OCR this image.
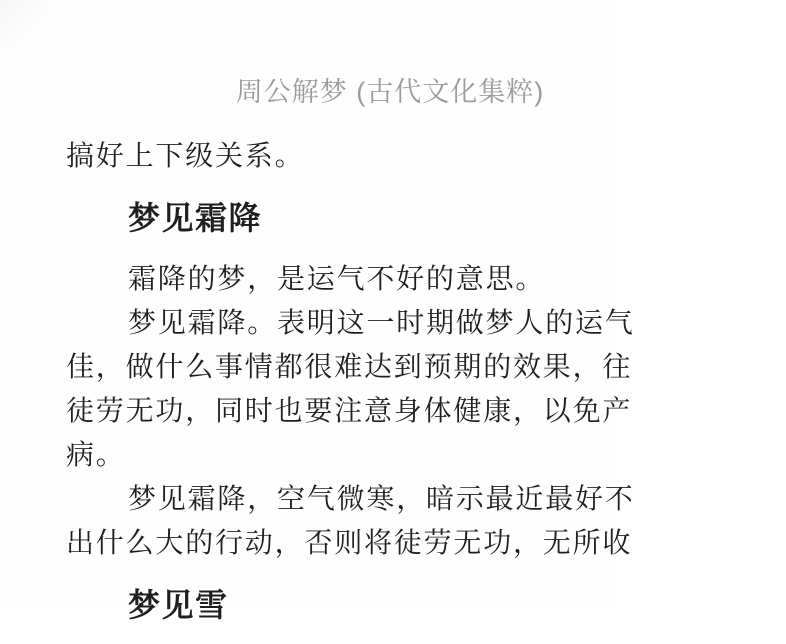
周公解梦 (古代文化集粹)
搞好上下级关系。
梦见霜降
霜降的梦，是运气不好的意思。
梦见霜降。表明这一时期做梦人的运气
佳，做什么事情都很难达到预期的效果，往
徒劳无功，同时也要注意身体健康，以免产
病。
梦见霜降，空气微寒，暗示最近最好不
出什么大的行动，否则将徒劳无功，无所收
梦见雪
